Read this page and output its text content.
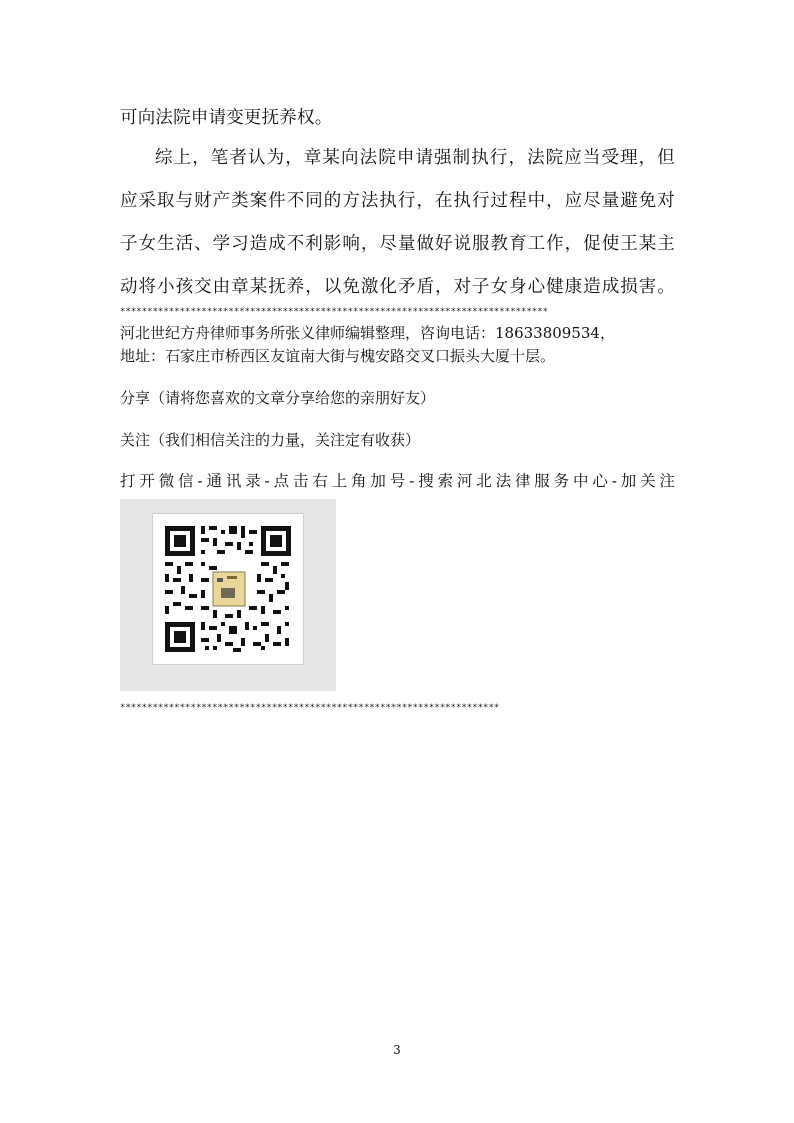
可向法院申请变更抚养权。
综上，笔者认为，章某向法院申请强制执行，法院应当受理，但
应采取与财产类案件不同的方法执行，在执行过程中，应尽量避免对
子女生活、学习造成不利影响，尽量做好说服教育工作，促使王某主
动将小孩交由章某抚养，以免激化矛盾，对子女身心健康造成损害。
*******************************************************************************
河北世纪方舟律师事务所张义律师编辑整理，咨询电话：18633809534，
地址：石家庄市桥西区友谊南大街与槐安路交叉口振头大厦十层。
分享（请将您喜欢的文章分享给您的亲朋好友）
关注（我们相信关注的力量，关注定有收获）
打开微信-通讯录-点击右上角加号-搜索河北法律服务中心-加关注
**********************************************************************
3
